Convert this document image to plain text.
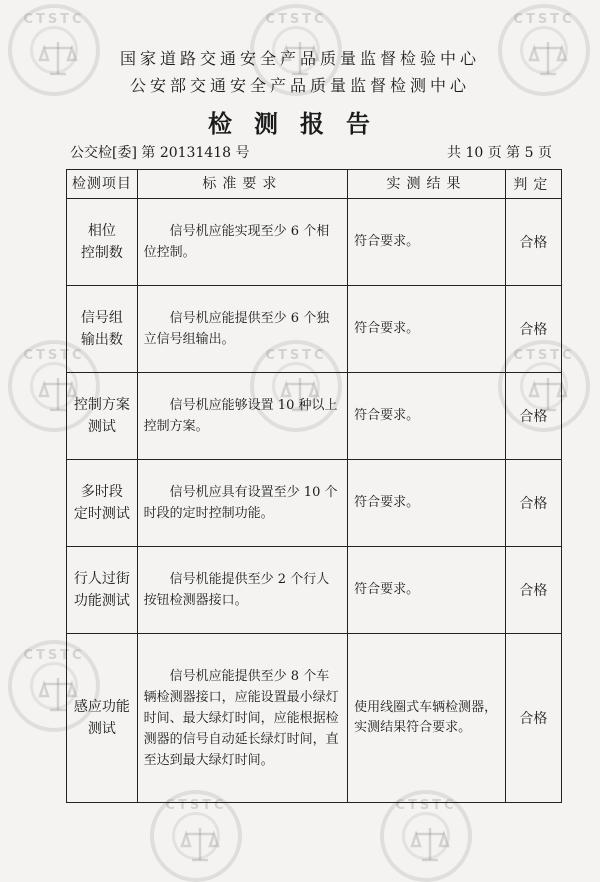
CTSTC	CTSTC	CTSTC
CTSTC	CTSTC	CTSTC
CTSTC
CTSTC	CTSTC
国家道路交通安全产品质量监督检验中心
公安部交通安全产品质量监督检测中心
检测报告
公交检[委] 第 20131418 号	共 10 页 第 5 页
检测项目	标准要求	实测结果	判定
相位
控制数	信号机应能实现至少 6 个相位控制。	符合要求。	合格
信号组
输出数	信号机应能提供至少 6 个独立信号组输出。	符合要求。	合格
控制方案
测试	信号机应能够设置 10 种以上控制方案。	符合要求。	合格
多时段
定时测试	信号机应具有设置至少 10 个时段的定时控制功能。	符合要求。	合格
行人过街
功能测试	信号机能提供至少 2 个行人按钮检测器接口。	符合要求。	合格
感应功能
测试	信号机应能提供至少 8 个车辆检测器接口，应能设置最小绿灯时间、最大绿灯时间，应能根据检测器的信号自动延长绿灯时间，直至达到最大绿灯时间。	使用线圈式车辆检测器，实测结果符合要求。	合格
